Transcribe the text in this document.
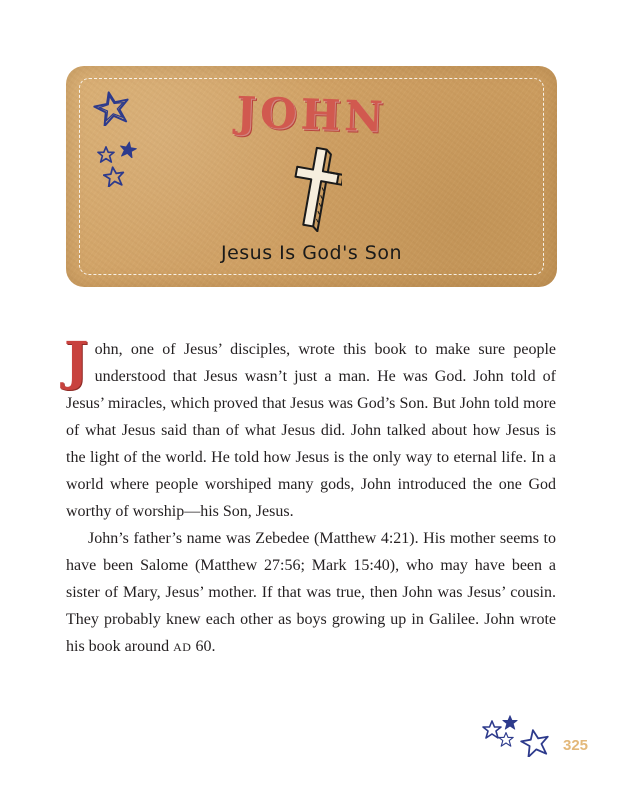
JOHN
Jesus Is God's Son

John, one of Jesus’ disciples, wrote this book to make sure people understood that Jesus wasn’t just a man. He was God. John told of Jesus’ miracles, which proved that Jesus was God’s Son. But John told more of what Jesus said than of what Jesus did. John talked about how Jesus is the light of the world. He told how Jesus is the only way to eternal life. In a world where people worshiped many gods, John introduced the one God worthy of worship—his Son, Jesus.

John’s father’s name was Zebedee (Matthew 4:21). His mother seems to have been Salome (Matthew 27:56; Mark 15:40), who may have been a sister of Mary, Jesus’ mother. If that was true, then John was Jesus’ cousin. They probably knew each other as boys growing up in Galilee. John wrote his book around AD 60.

325
